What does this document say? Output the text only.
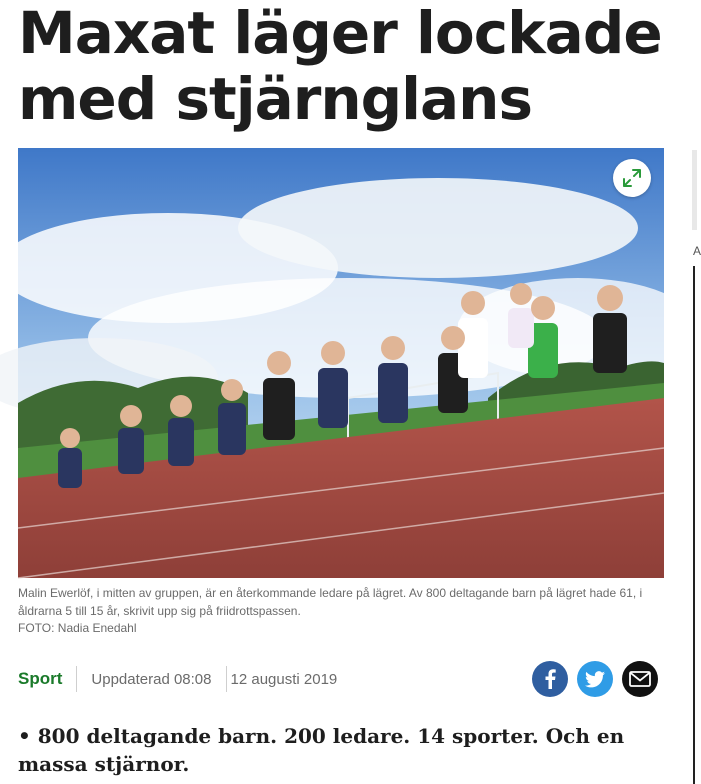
Maxat läger lockade med stjärnglans

Malin Ewerlöf, i mitten av gruppen, är en återkommande ledare på lägret. Av 800 deltagande barn på lägret hade 61, i åldrarna 5 till 15 år, skrivit upp sig på friidrottspassen.

FOTO: Nadia Enedahl
Sport	Uppdaterad 08:08	12 augusti 2019

• 800 deltagande barn. 200 ledare. 14 sporter. Och en massa stjärnor.

A
